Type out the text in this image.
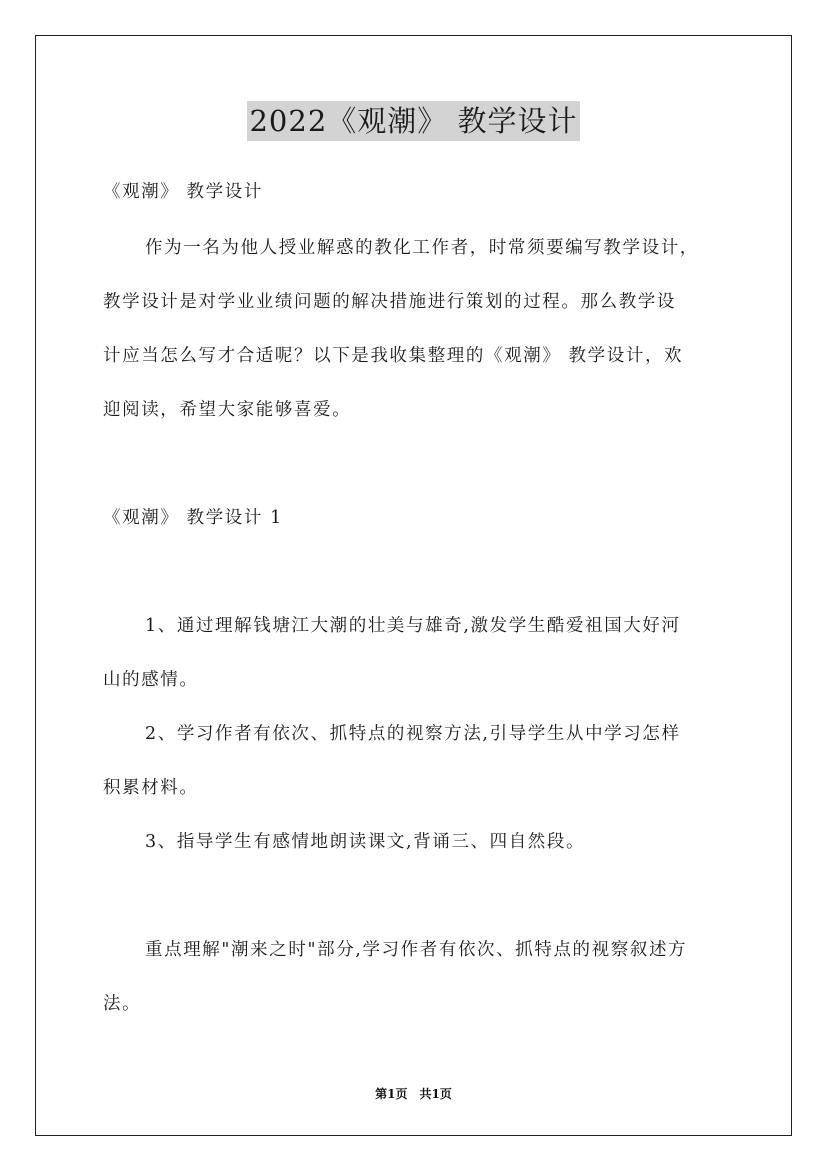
2022《观潮》 教学设计

《观潮》 教学设计

作为一名为他人授业解惑的教化工作者，时常须要编写教学设计，

教学设计是对学业业绩问题的解决措施进行策划的过程。那么教学设

计应当怎么写才合适呢？以下是我收集整理的《观潮》 教学设计，欢

迎阅读，希望大家能够喜爱。

《观潮》 教学设计 1

1、通过理解钱塘江大潮的壮美与雄奇,激发学生酷爱祖国大好河

山的感情。

2、学习作者有依次、抓特点的视察方法,引导学生从中学习怎样

积累材料。

3、指导学生有感情地朗读课文,背诵三、四自然段。

重点理解"潮来之时"部分,学习作者有依次、抓特点的视察叙述方

法。

第1页　共1页
